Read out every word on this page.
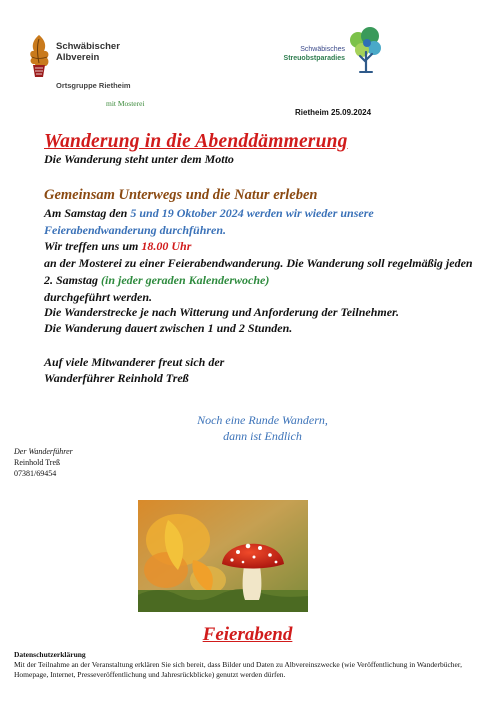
Schwäbischer
Albverein
Ortsgruppe Rietheim
mit Mosterei
Schwäbisches
Streuobstparadies
Rietheim 25.09.2024
Wanderung in die Abenddämmerung
Die Wanderung steht unter dem Motto
Gemeinsam Unterwegs und die Natur erleben
Am Samstag den 5 und 19 Oktober 2024 werden wir wieder unsere Feierabendwanderung durchführen.
Wir treffen uns um 18.00 Uhr
an der Mosterei zu einer Feierabendwanderung. Die Wanderung soll regelmäßig jeden 2. Samstag (in jeder geraden Kalenderwoche)
durchgeführt werden.
Die Wanderstrecke je nach Witterung und Anforderung der Teilnehmer.
Die Wanderung dauert zwischen 1 und 2 Stunden.
Auf viele Mitwanderer freut sich der
Wanderführer Reinhold Treß
Noch eine Runde Wandern,
dann ist Endlich
Der Wanderführer
Reinhold Treß
07381/69454
Feierabend
Datenschutzerklärung
Mit der Teilnahme an der Veranstaltung erklären Sie sich bereit, dass Bilder und Daten zu Albvereinszwecke (wie Veröffentlichung in Wanderbücher, Homepage, Internet, Presseveröffentlichung und Jahresrückblicke) genutzt werden dürfen.
